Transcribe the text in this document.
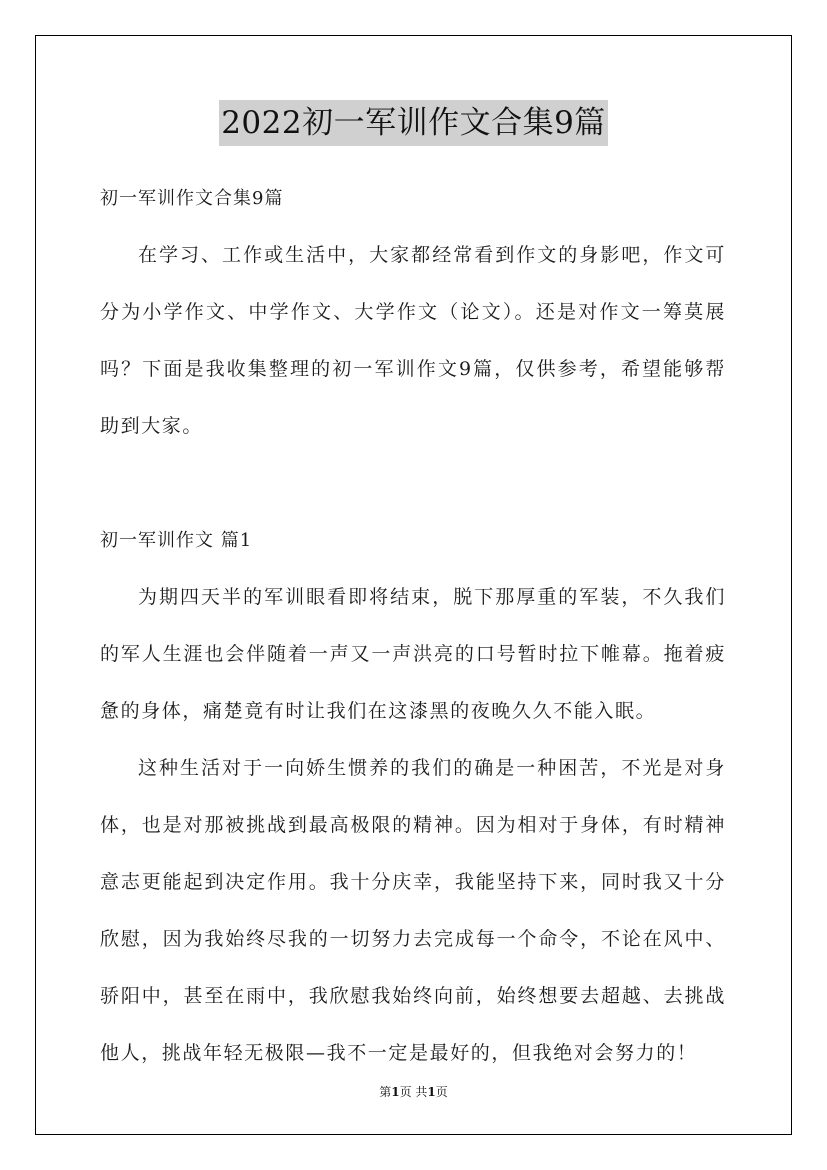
2022初一军训作文合集9篇

初一军训作文合集9篇

在学习、工作或生活中，大家都经常看到作文的身影吧，作文可分为小学作文、中学作文、大学作文（论文）。还是对作文一筹莫展吗？下面是我收集整理的初一军训作文9篇，仅供参考，希望能够帮助到大家。

初一军训作文 篇1

为期四天半的军训眼看即将结束，脱下那厚重的军装，不久我们的军人生涯也会伴随着一声又一声洪亮的口号暂时拉下帷幕。拖着疲惫的身体，痛楚竟有时让我们在这漆黑的夜晚久久不能入眠。

这种生活对于一向娇生惯养的我们的确是一种困苦，不光是对身体，也是对那被挑战到最高极限的精神。因为相对于身体，有时精神意志更能起到决定作用。我十分庆幸，我能坚持下来，同时我又十分欣慰，因为我始终尽我的一切努力去完成每一个命令，不论在风中、骄阳中，甚至在雨中，我欣慰我始终向前，始终想要去超越、去挑战他人，挑战年轻无极限—我不一定是最好的，但我绝对会努力的！

第1页 共1页
